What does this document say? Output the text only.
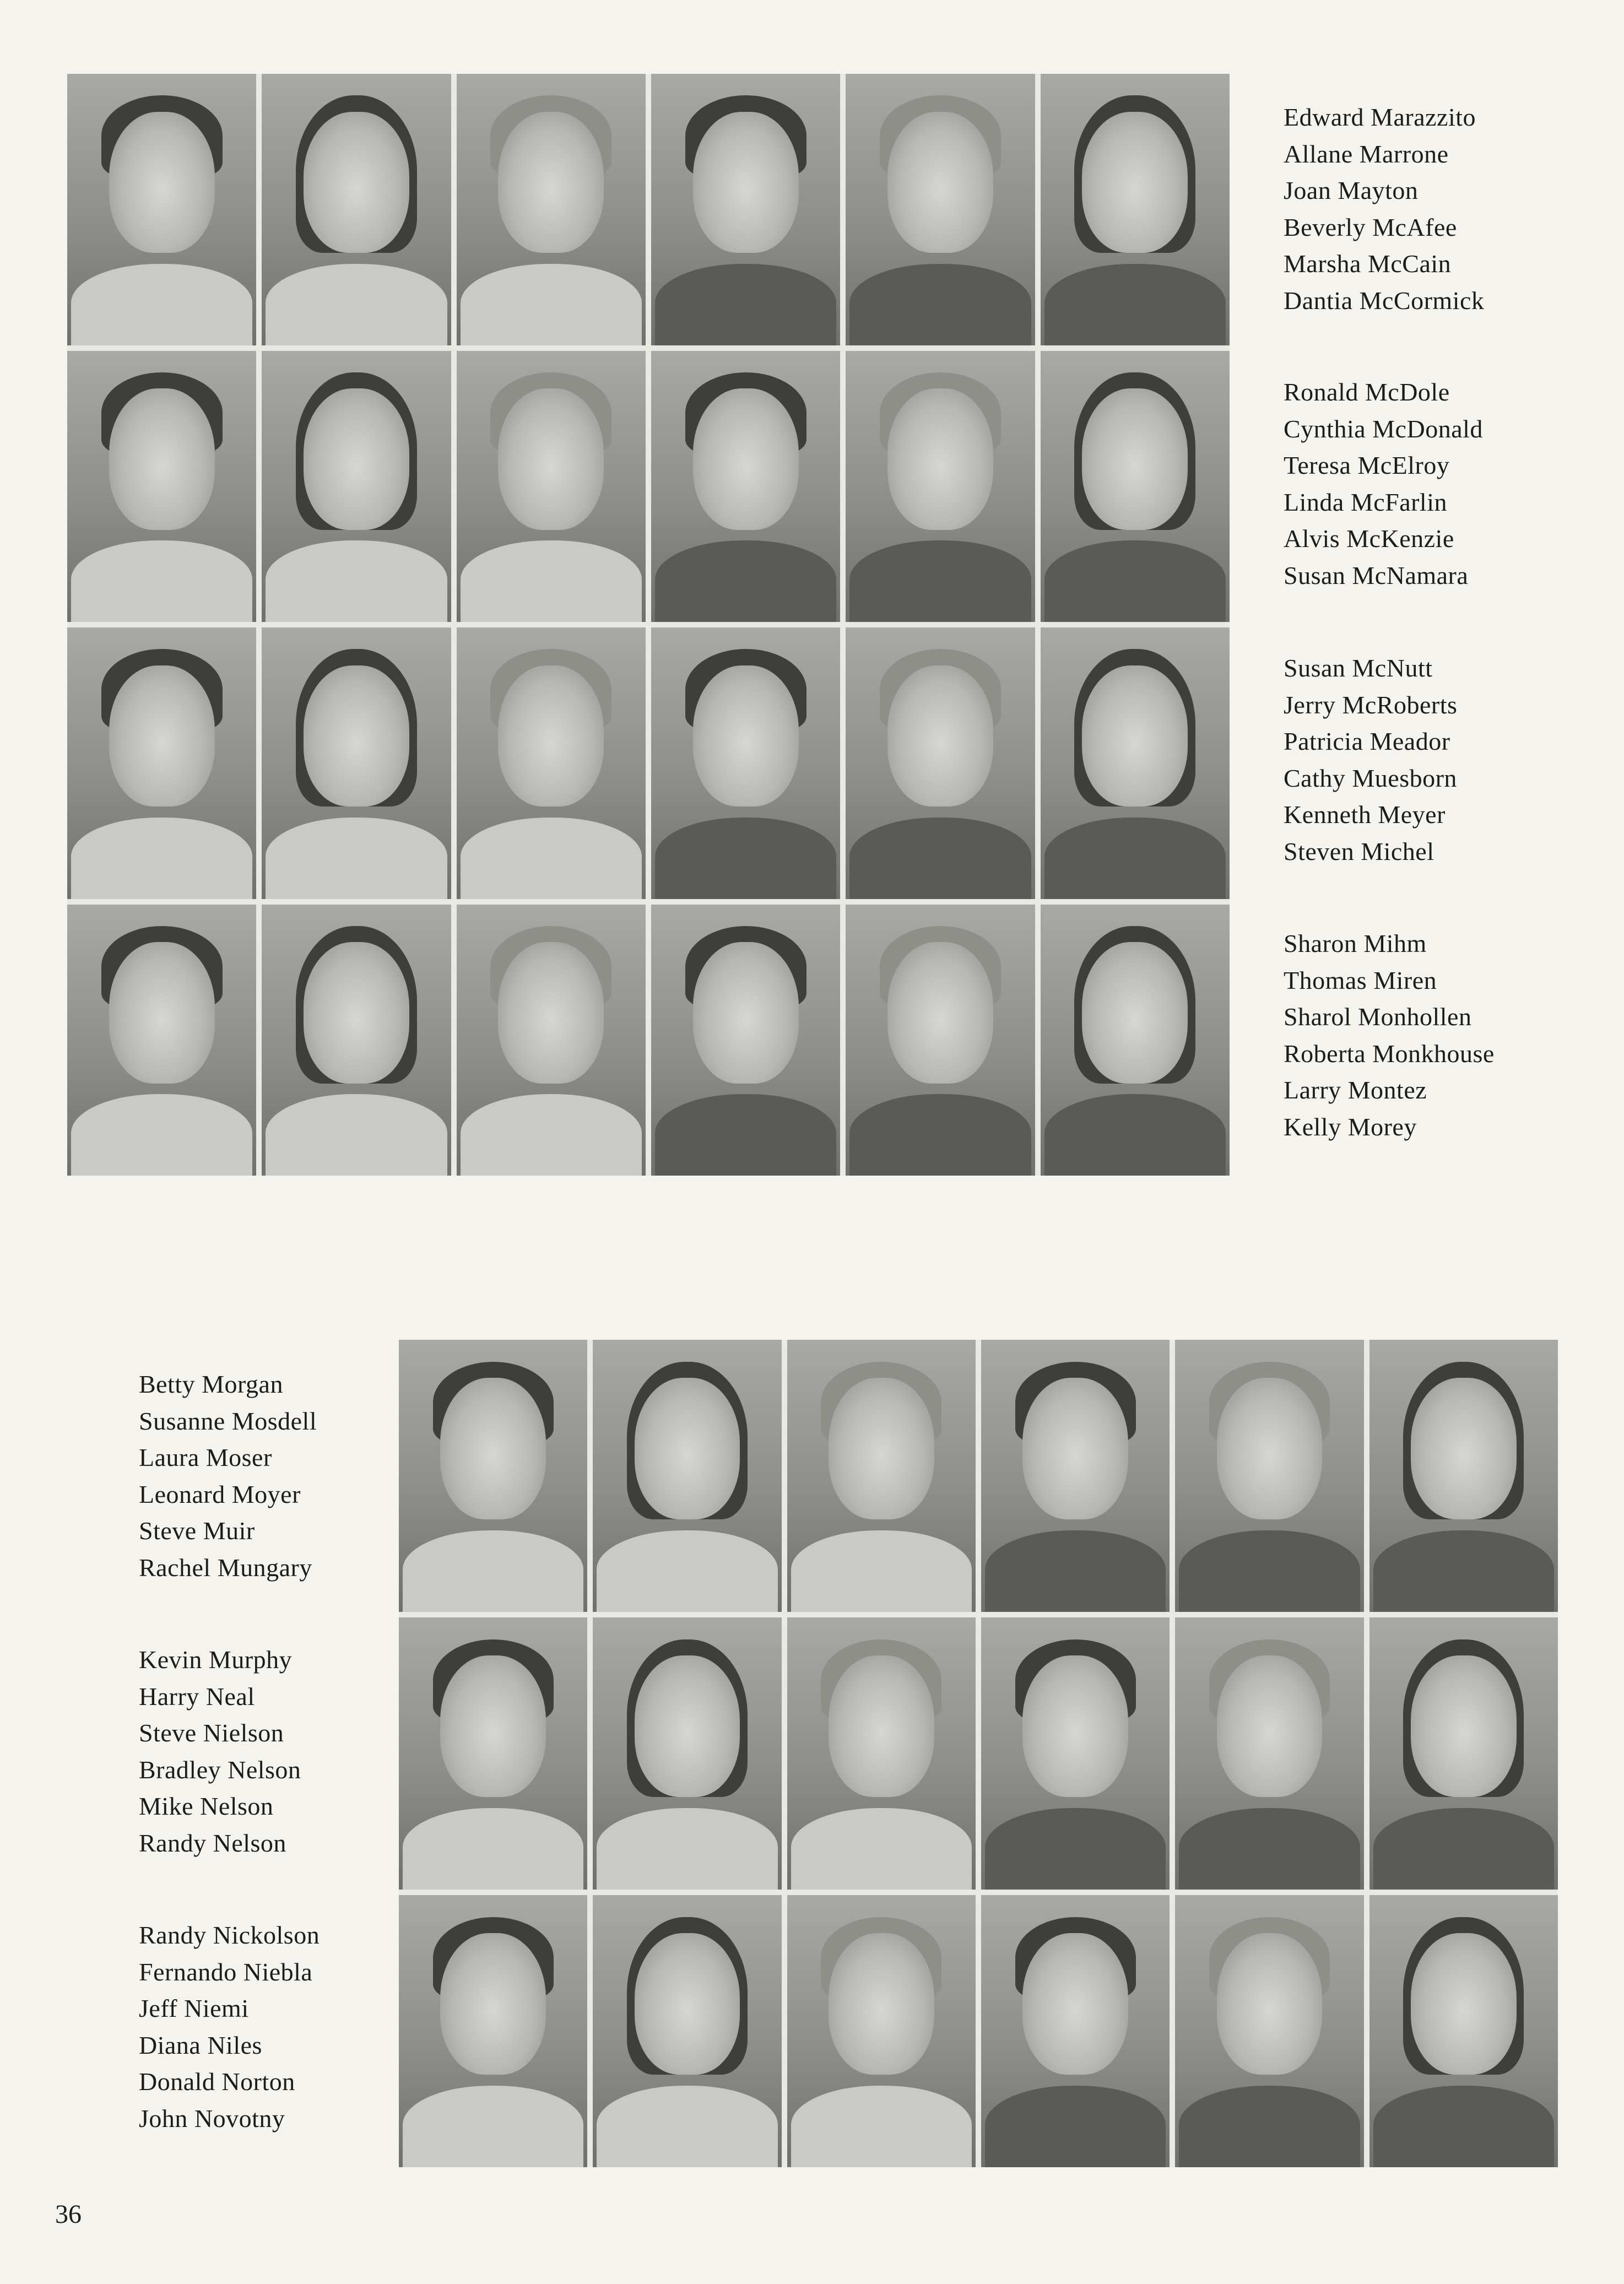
Edward Marazzito
Allane Marrone
Joan Mayton
Beverly McAfee
Marsha McCain
Dantia McCormick
Ronald McDole
Cynthia McDonald
Teresa McElroy
Linda McFarlin
Alvis McKenzie
Susan McNamara
Susan McNutt
Jerry McRoberts
Patricia Meador
Cathy Muesborn
Kenneth Meyer
Steven Michel
Sharon Mihm
Thomas Miren
Sharol Monhollen
Roberta Monkhouse
Larry Montez
Kelly Morey
Betty Morgan
Susanne Mosdell
Laura Moser
Leonard Moyer
Steve Muir
Rachel Mungary
Kevin Murphy
Harry Neal
Steve Nielson
Bradley Nelson
Mike Nelson
Randy Nelson
Randy Nickolson
Fernando Niebla
Jeff Niemi
Diana Niles
Donald Norton
John Novotny
36
